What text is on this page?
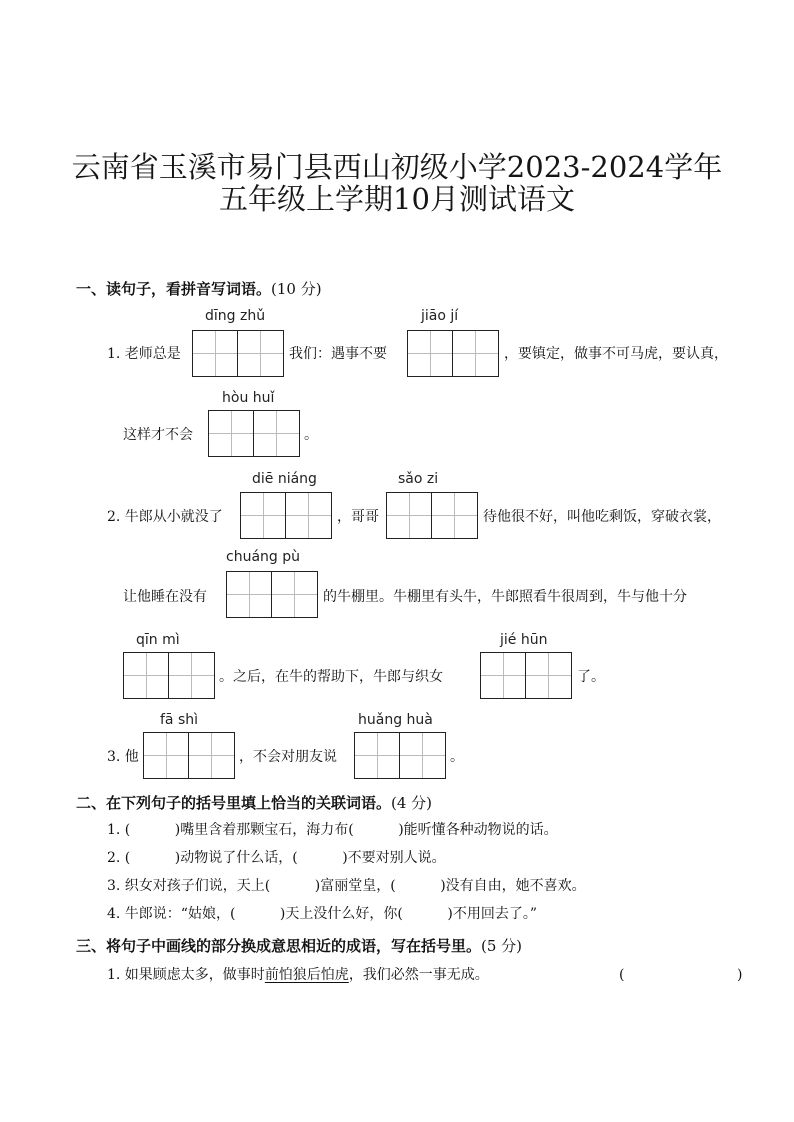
云南省玉溪市易门县西山初级小学2023-2024学年
五年级上学期10月测试语文
一、读句子，看拼音写词语。(10 分)
dīng zhǔ	jiāo jí
1. 老师总是	我们：遇事不要	，要镇定，做事不可马虎，要认真，
hòu huǐ
这样才不会	。
diē niáng	sǎo zi
2. 牛郎从小就没了	，哥哥	待他很不好，叫他吃剩饭，穿破衣裳，
chuáng pù
让他睡在没有	的牛棚里。牛棚里有头牛，牛郎照看牛很周到，牛与他十分
qīn mì	jié hūn
。之后，在牛的帮助下，牛郎与织女	了。
fā shì	huǎng huà
3. 他	，不会对朋友说	。
二、在下列句子的括号里填上恰当的关联词语。(4 分)
1. (          )嘴里含着那颗宝石，海力布(          )能听懂各种动物说的话。
2. (          )动物说了什么话，(          )不要对别人说。
3. 织女对孩子们说，天上(          )富丽堂皇，(          )没有自由，她不喜欢。
4. 牛郎说：“姑娘，(          )天上没什么好，你(          )不用回去了。”
三、将句子中画线的部分换成意思相近的成语，写在括号里。(5 分)
1. 如果顾虑太多，做事时前怕狼后怕虎，我们必然一事无成。	(	)
